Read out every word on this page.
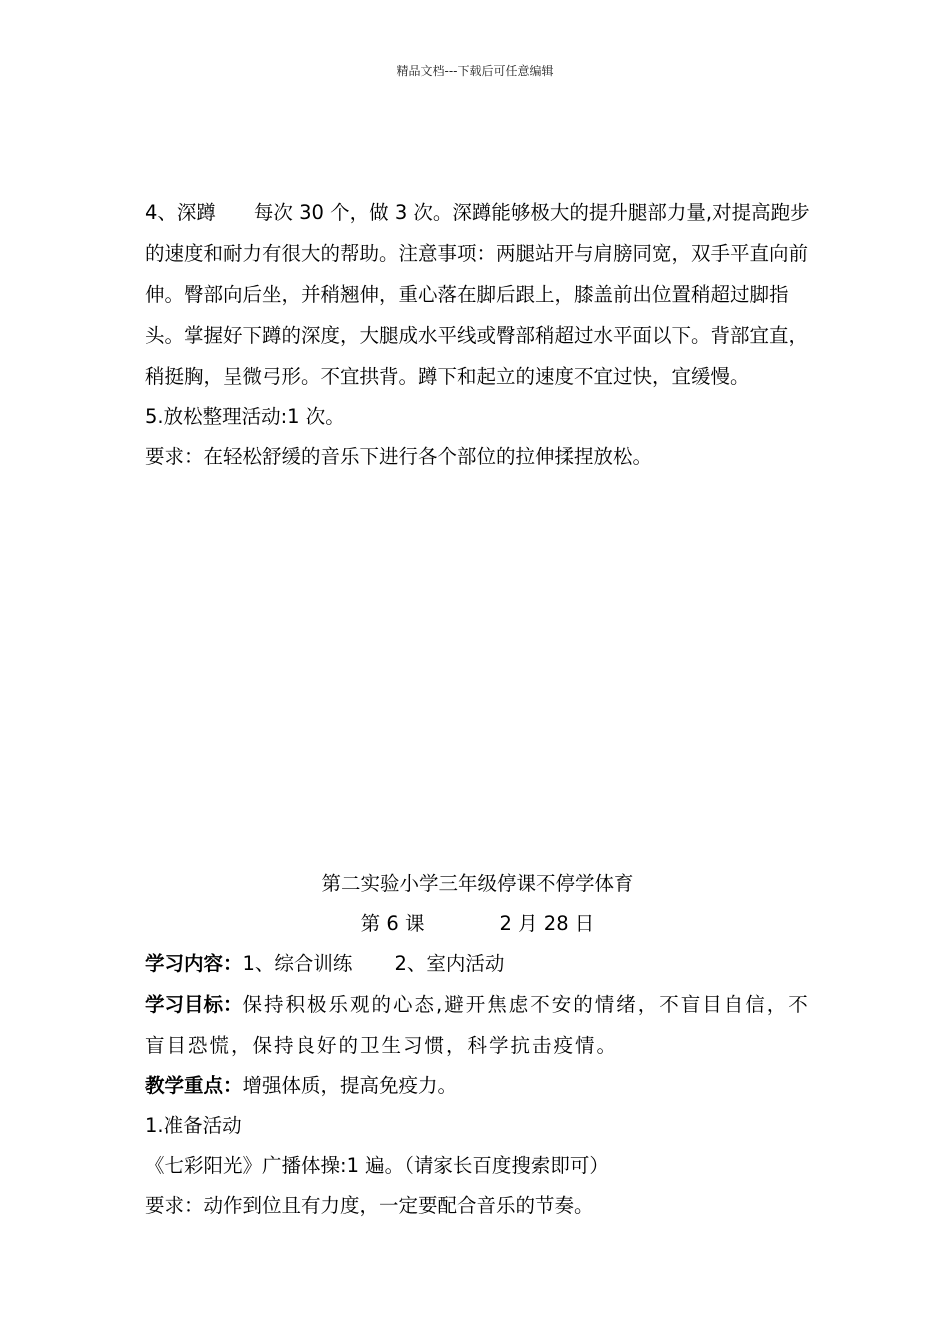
精品文档---下载后可任意编辑

4、深蹲 每次 30 个，做 3 次。深蹲能够极大的提升腿部力量,对提高跑步的速度和耐力有很大的帮助。注意事项：两腿站开与肩膀同宽，双手平直向前伸。臀部向后坐，并稍翘伸，重心落在脚后跟上，膝盖前出位置稍超过脚指头。掌握好下蹲的深度，大腿成水平线或臀部稍超过水平面以下。背部宜直，稍挺胸，呈微弓形。不宜拱背。蹲下和起立的速度不宜过快，宜缓慢。

5.放松整理活动:1 次。

要求：在轻松舒缓的音乐下进行各个部位的拉伸揉捏放松。

第二实验小学三年级停课不停学体育

第 6 课	2 月 28 日

学习内容：1、综合训练 2、室内活动

学习目标：保持积极乐观的心态,避开焦虑不安的情绪，不盲目自信，不盲目恐慌，保持良好的卫生习惯，科学抗击疫情。

教学重点：增强体质，提高免疫力。

1.准备活动

《七彩阳光》广播体操:1 遍。（请家长百度搜索即可）

要求：动作到位且有力度，一定要配合音乐的节奏。
